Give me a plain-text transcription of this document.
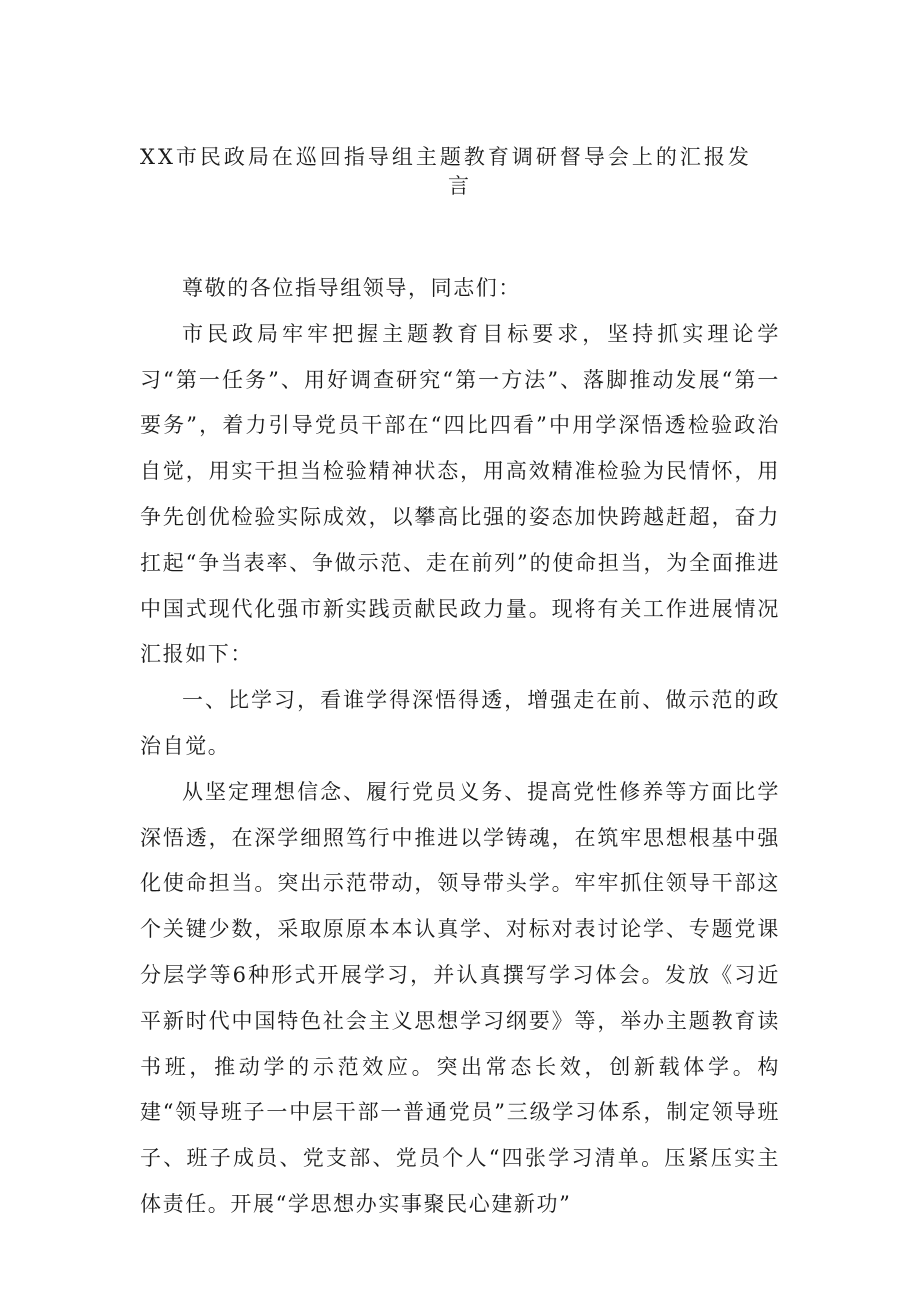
XX市民政局在巡回指导组主题教育调研督导会上的汇报发
言

尊敬的各位指导组领导，同志们：

市民政局牢牢把握主题教育目标要求，坚持抓实理论学习“第一任务”、用好调查研究“第一方法”、落脚推动发展“第一要务”，着力引导党员干部在“四比四看”中用学深悟透检验政治自觉，用实干担当检验精神状态，用高效精准检验为民情怀，用争先创优检验实际成效，以攀高比强的姿态加快跨越赶超，奋力扛起“争当表率、争做示范、走在前列”的使命担当，为全面推进中国式现代化强市新实践贡献民政力量。现将有关工作进展情况汇报如下：

一、比学习，看谁学得深悟得透，增强走在前、做示范的政治自觉。

从坚定理想信念、履行党员义务、提高党性修养等方面比学深悟透，在深学细照笃行中推进以学铸魂，在筑牢思想根基中强化使命担当。突出示范带动，领导带头学。牢牢抓住领导干部这个关键少数，采取原原本本认真学、对标对表讨论学、专题党课分层学等6种形式开展学习，并认真撰写学习体会。发放《习近平新时代中国特色社会主义思想学习纲要》等，举办主题教育读书班，推动学的示范效应。突出常态长效，创新载体学。构建“领导班子一中层干部一普通党员”三级学习体系，制定领导班子、班子成员、党支部、党员个人“四张学习清单。压紧压实主体责任。开展“学思想办实事聚民心建新功”
